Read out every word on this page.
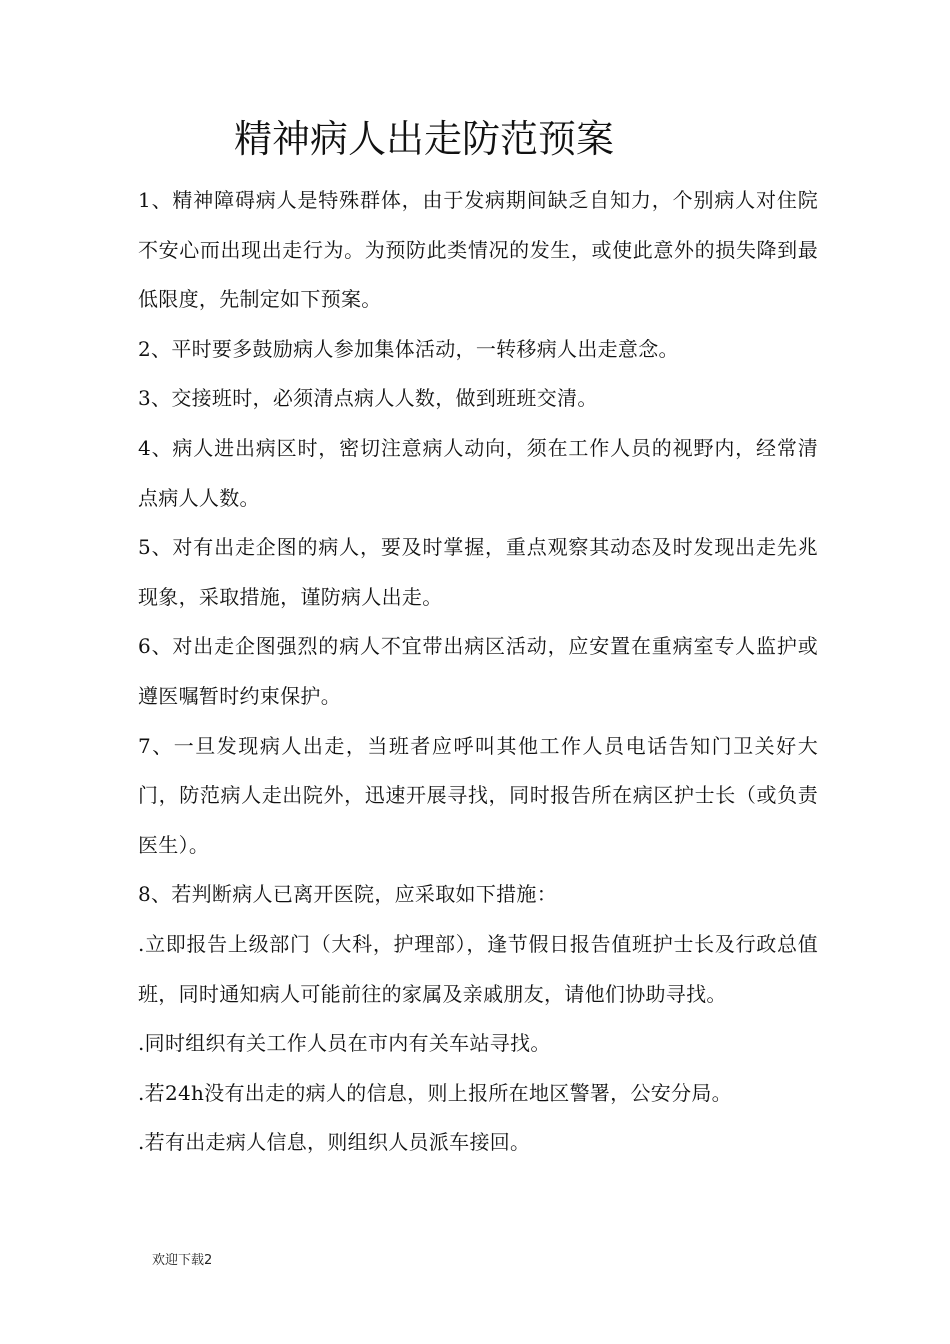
精神病人出走防范预案

1、精神障碍病人是特殊群体，由于发病期间缺乏自知力，个别病人对住院不安心而出现出走行为。为预防此类情况的发生，或使此意外的损失降到最低限度，先制定如下预案。

2、平时要多鼓励病人参加集体活动，一转移病人出走意念。

3、交接班时，必须清点病人人数，做到班班交清。

4、病人进出病区时，密切注意病人动向，须在工作人员的视野内，经常清点病人人数。

5、对有出走企图的病人，要及时掌握，重点观察其动态及时发现出走先兆现象，采取措施，谨防病人出走。

6、对出走企图强烈的病人不宜带出病区活动，应安置在重病室专人监护或遵医嘱暂时约束保护。

7、一旦发现病人出走，当班者应呼叫其他工作人员电话告知门卫关好大门，防范病人走出院外，迅速开展寻找，同时报告所在病区护士长（或负责医生）。

8、若判断病人已离开医院，应采取如下措施：

.立即报告上级部门（大科，护理部），逢节假日报告值班护士长及行政总值班，同时通知病人可能前往的家属及亲戚朋友，请他们协助寻找。

.同时组织有关工作人员在市内有关车站寻找。

.若24h没有出走的病人的信息，则上报所在地区警署，公安分局。

.若有出走病人信息，则组织人员派车接回。

欢迎下载2
